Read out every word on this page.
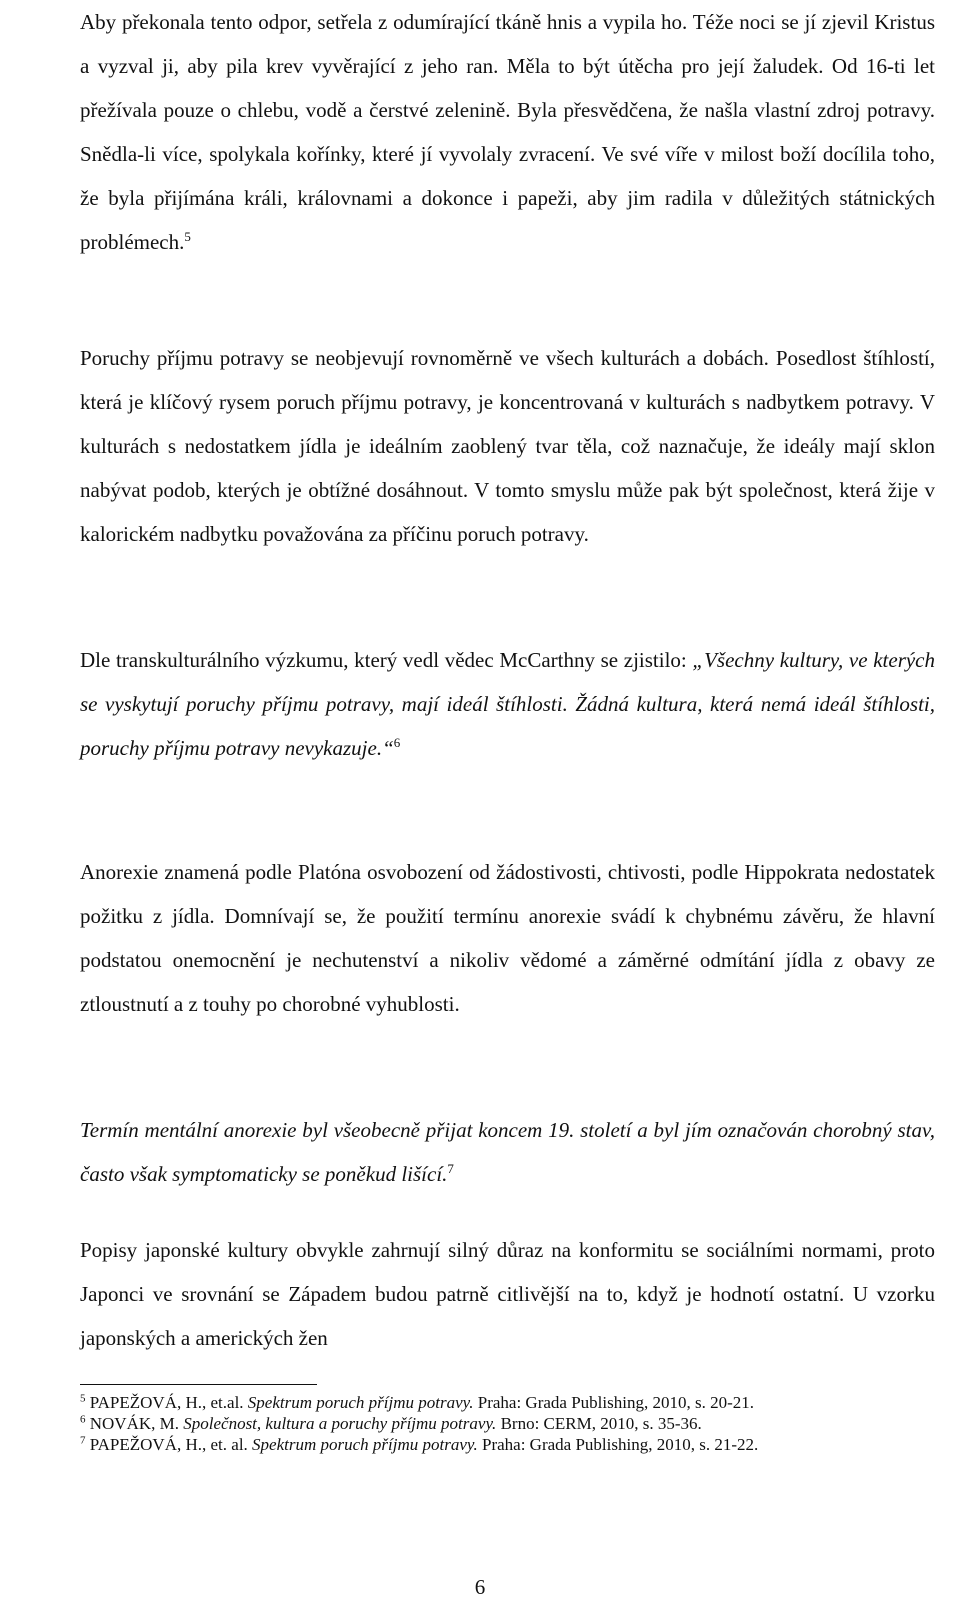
Aby překonala tento odpor, setřela z odumírající tkáně hnis a vypila ho. Téže noci se jí zjevil Kristus a vyzval ji, aby pila krev vyvěrající z jeho ran. Měla to být útěcha pro její žaludek. Od 16-ti let přežívala pouze o chlebu, vodě a čerstvé zelenině. Byla přesvědčena, že našla vlastní zdroj potravy. Snědla-li více, spolykala kořínky, které jí vyvolaly zvracení. Ve své víře v milost boží docílila toho, že byla přijímána králi, královnami a dokonce i papeži, aby jim radila v důležitých státnických problémech.$^5$

Poruchy příjmu potravy se neobjevují rovnoměrně ve všech kulturách a dobách. Posedlost štíhlostí, která je klíčový rysem poruch příjmu potravy, je koncentrovaná v kulturách s nadbytkem potravy. V kulturách s nedostatkem jídla je ideálním zaoblený tvar těla, což naznačuje, že ideály mají sklon nabývat podob, kterých je obtížné dosáhnout. V tomto smyslu může pak být společnost, která žije v kalorickém nadbytku považována za příčinu poruch potravy.

Dle transkulturálního výzkumu, který vedl vědec McCarthny se zjistilo: „Všechny kultury, ve kterých se vyskytují poruchy příjmu potravy, mají ideál štíhlosti. Žádná kultura, která nemá ideál štíhlosti, poruchy příjmu potravy nevykazuje.“$^6$

Anorexie znamená podle Platóna osvobození od žádostivosti, chtivosti, podle Hippokrata nedostatek požitku z jídla. Domnívají se, že použití termínu anorexie svádí k chybnému závěru, že hlavní podstatou onemocnění je nechutenství a nikoliv vědomé a záměrné odmítání jídla z obavy ze ztloustnutí a z touhy po chorobné vyhublosti.

Termín mentální anorexie byl všeobecně přijat koncem 19. století a byl jím označován chorobný stav, často však symptomaticky se poněkud lišící.$^7$

Popisy japonské kultury obvykle zahrnují silný důraz na konformitu se sociálními normami, proto Japonci ve srovnání se Západem budou patrně citlivější na to, když je hodnotí ostatní. U vzorku japonských a amerických žen

$^5$ PAPEŽOVÁ, H., et.al. Spektrum poruch příjmu potravy. Praha: Grada Publishing, 2010, s. 20-21.

$^6$ NOVÁK, M. Společnost, kultura a poruchy příjmu potravy. Brno: CERM, 2010, s. 35-36.

$^7$ PAPEŽOVÁ, H., et. al. Spektrum poruch příjmu potravy. Praha: Grada Publishing, 2010, s. 21-22.

6
